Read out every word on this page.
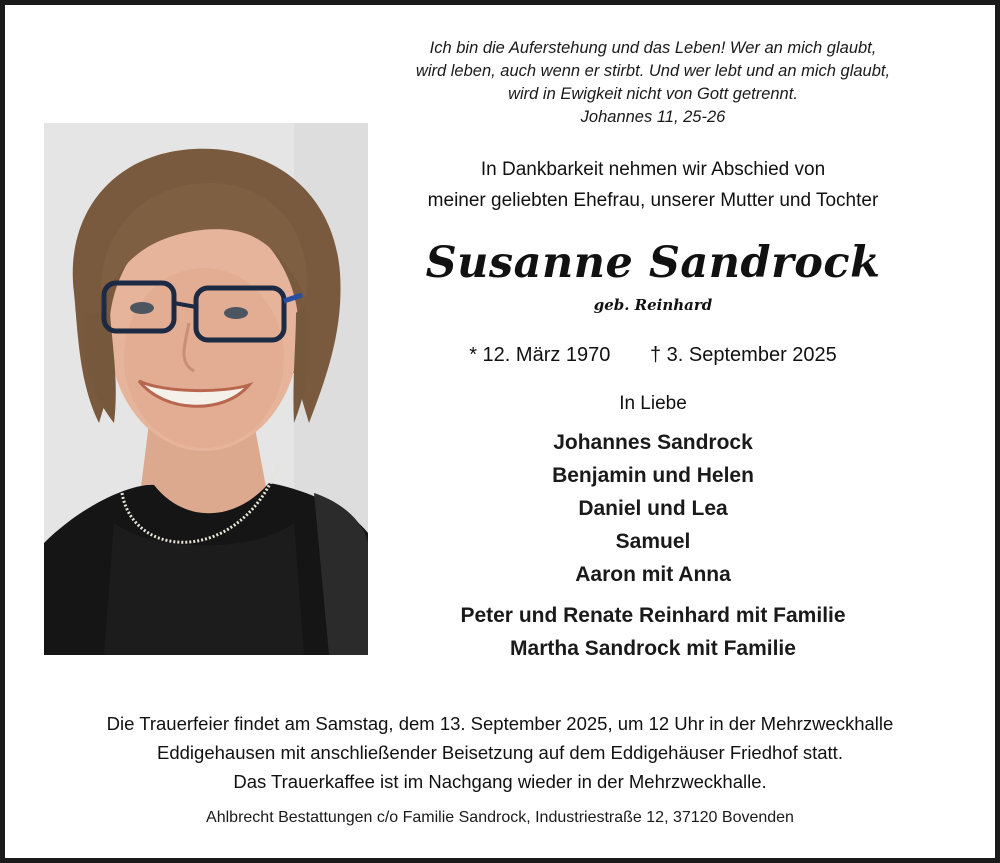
Ich bin die Auferstehung und das Leben! Wer an mich glaubt,
wird leben, auch wenn er stirbt. Und wer lebt und an mich glaubt,
wird in Ewigkeit nicht von Gott getrennt.
Johannes 11, 25-26
In Dankbarkeit nehmen wir Abschied von
meiner geliebten Ehefrau, unserer Mutter und Tochter
Susanne Sandrock
geb. Reinhard
* 12. März 1970 † 3. September 2025
In Liebe
Johannes Sandrock
Benjamin und Helen
Daniel und Lea
Samuel
Aaron mit Anna
Peter und Renate Reinhard mit Familie
Martha Sandrock mit Familie
Die Trauerfeier findet am Samstag, dem 13. September 2025, um 12 Uhr in der Mehrzweckhalle
Eddigehausen mit anschließender Beisetzung auf dem Eddigehäuser Friedhof statt.
Das Trauerkaffee ist im Nachgang wieder in der Mehrzweckhalle.
Ahlbrecht Bestattungen c/o Familie Sandrock, Industriestraße 12, 37120 Bovenden
